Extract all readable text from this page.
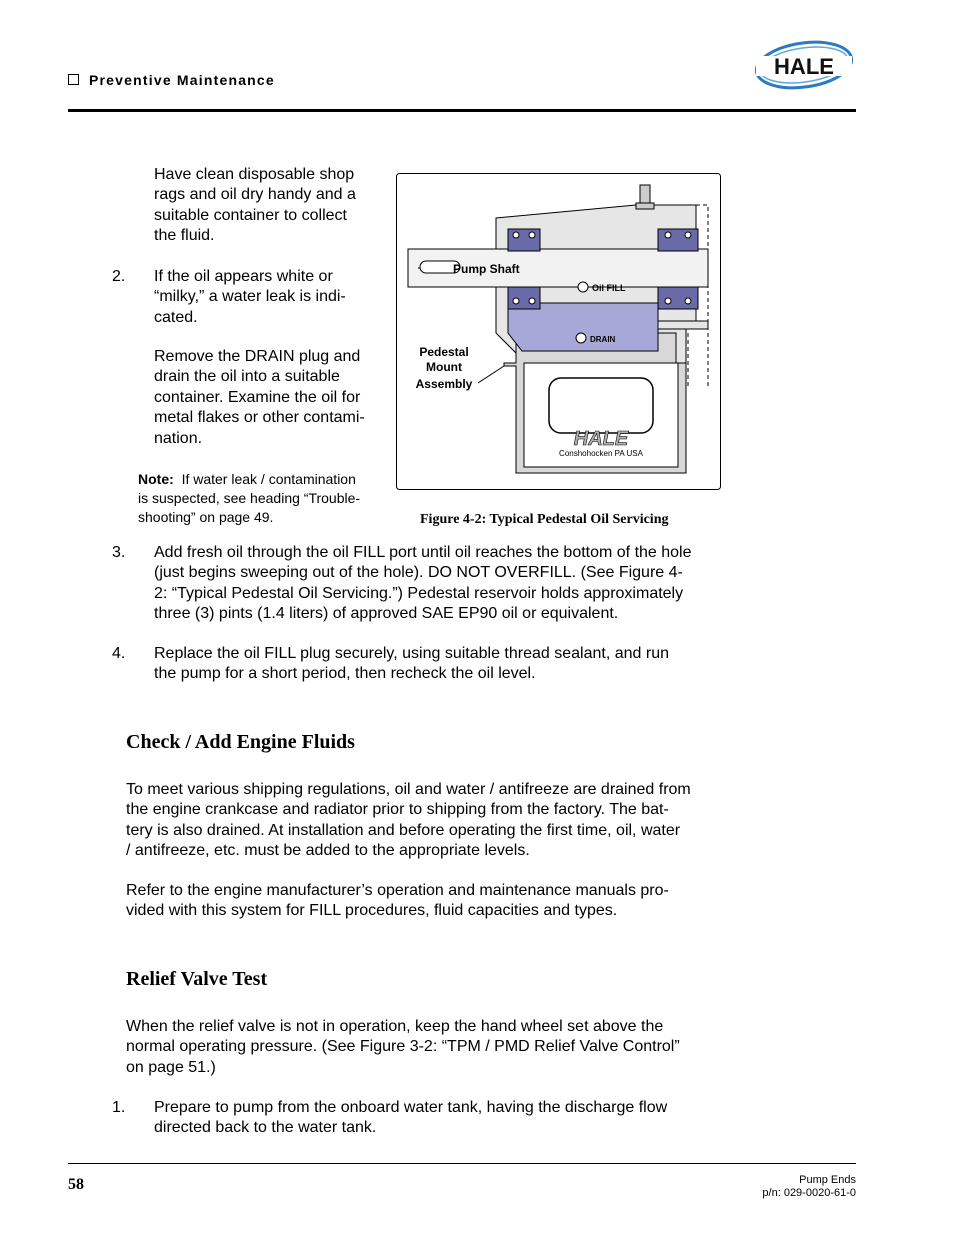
Preventive Maintenance
HALE
Have clean disposable shop
rags and oil dry handy and a
suitable container to collect
the fluid.
2. If the oil appears white or
“milky,” a water leak is indi-
cated.
Remove the DRAIN plug and
drain the oil into a suitable
container. Examine the oil for
metal flakes or other contami-
nation.
Note: If water leak / contamination
is suspected, see heading “Trouble-
shooting” on page 49.
Pump Shaft
Oil FILL
DRAIN
Pedestal
Mount
Assembly
HALE
Conshohocken PA USA
Figure 4-2: Typical Pedestal Oil Servicing
3. Add fresh oil through the oil FILL port until oil reaches the bottom of the hole
(just begins sweeping out of the hole). DO NOT OVERFILL. (See Figure 4-
2: “Typical Pedestal Oil Servicing.”) Pedestal reservoir holds approximately
three (3) pints (1.4 liters) of approved SAE EP90 oil or equivalent.
4. Replace the oil FILL plug securely, using suitable thread sealant, and run
the pump for a short period, then recheck the oil level.
Check / Add Engine Fluids
To meet various shipping regulations, oil and water / antifreeze are drained from
the engine crankcase and radiator prior to shipping from the factory. The bat-
tery is also drained. At installation and before operating the first time, oil, water
/ antifreeze, etc. must be added to the appropriate levels.
Refer to the engine manufacturer’s operation and maintenance manuals pro-
vided with this system for FILL procedures, fluid capacities and types.
Relief Valve Test
When the relief valve is not in operation, keep the hand wheel set above the
normal operating pressure. (See Figure 3-2: “TPM / PMD Relief Valve Control”
on page 51.)
1. Prepare to pump from the onboard water tank, having the discharge flow
directed back to the water tank.
58	Pump Ends
p/n: 029-0020-61-0
